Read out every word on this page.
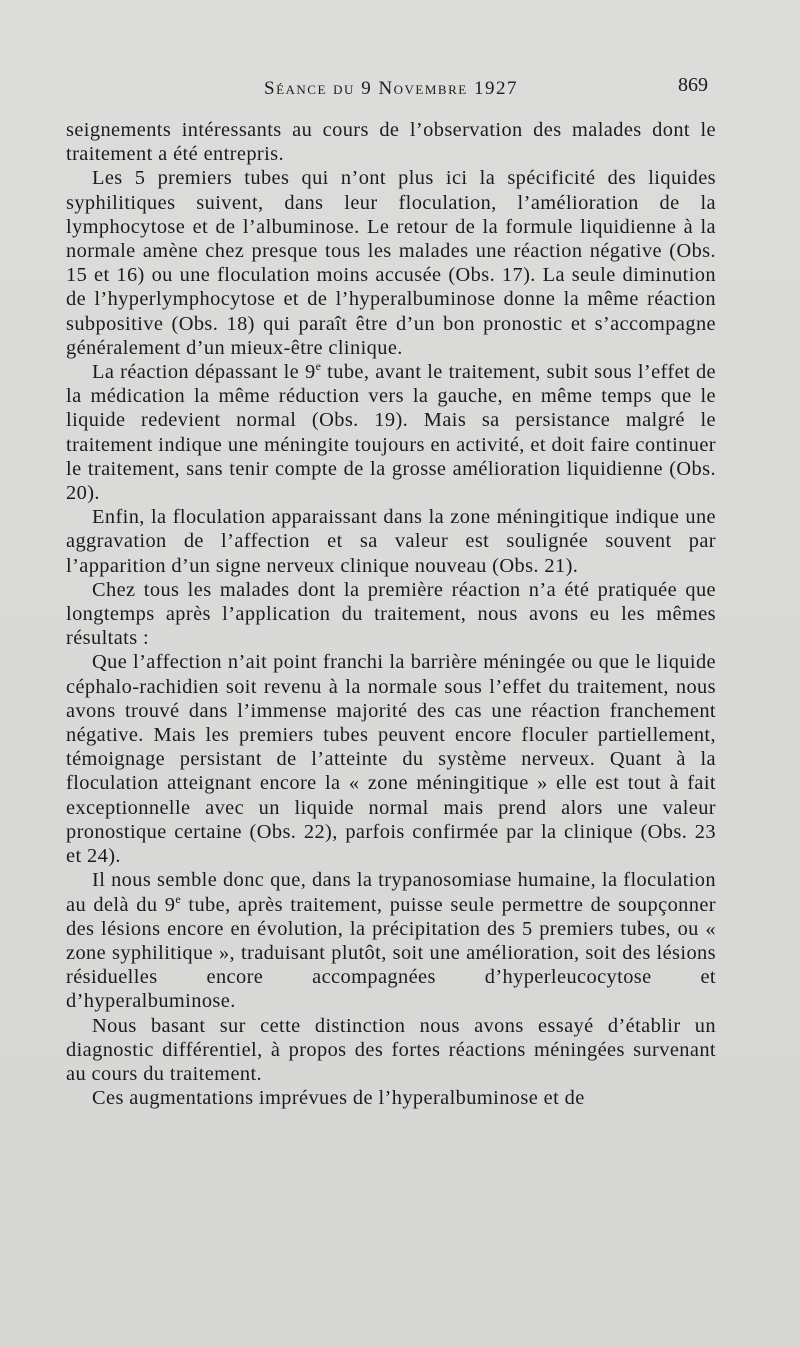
Séance du 9 Novembre 1927	869

seignements intéressants au cours de l’observation des malades dont le traitement a été entrepris.

Les 5 premiers tubes qui n’ont plus ici la spécificité des liquides syphilitiques suivent, dans leur floculation, l’amélioration de la lymphocytose et de l’albuminose. Le retour de la formule liquidienne à la normale amène chez presque tous les malades une réaction négative (Obs. 15 et 16) ou une floculation moins accusée (Obs. 17). La seule diminution de l’hyperlymphocytose et de l’hyperalbuminose donne la même réaction subpositive (Obs. 18) qui paraît être d’un bon pronostic et s’accompagne généralement d’un mieux-être clinique.

La réaction dépassant le 9e tube, avant le traitement, subit sous l’effet de la médication la même réduction vers la gauche, en même temps que le liquide redevient normal (Obs. 19). Mais sa persistance malgré le traitement indique une méningite toujours en activité, et doit faire continuer le traitement, sans tenir compte de la grosse amélioration liquidienne (Obs. 20).

Enfin, la floculation apparaissant dans la zone méningitique indique une aggravation de l’affection et sa valeur est soulignée souvent par l’apparition d’un signe nerveux clinique nouveau (Obs. 21).

Chez tous les malades dont la première réaction n’a été pratiquée que longtemps après l’application du traitement, nous avons eu les mêmes résultats :

Que l’affection n’ait point franchi la barrière méningée ou que le liquide céphalo-rachidien soit revenu à la normale sous l’effet du traitement, nous avons trouvé dans l’immense majorité des cas une réaction franchement négative. Mais les premiers tubes peuvent encore floculer partiellement, témoignage persistant de l’atteinte du système nerveux. Quant à la floculation atteignant encore la « zone méningitique » elle est tout à fait exceptionnelle avec un liquide normal mais prend alors une valeur pronostique certaine (Obs. 22), parfois confirmée par la clinique (Obs. 23 et 24).

Il nous semble donc que, dans la trypanosomiase humaine, la floculation au delà du 9e tube, après traitement, puisse seule permettre de soupçonner des lésions encore en évolution, la précipitation des 5 premiers tubes, ou « zone syphilitique », traduisant plutôt, soit une amélioration, soit des lésions résiduelles encore accompagnées d’hyperleucocytose et d’hyperalbuminose.

Nous basant sur cette distinction nous avons essayé d’établir un diagnostic différentiel, à propos des fortes réactions méningées survenant au cours du traitement.

Ces augmentations imprévues de l’hyperalbuminose et de
